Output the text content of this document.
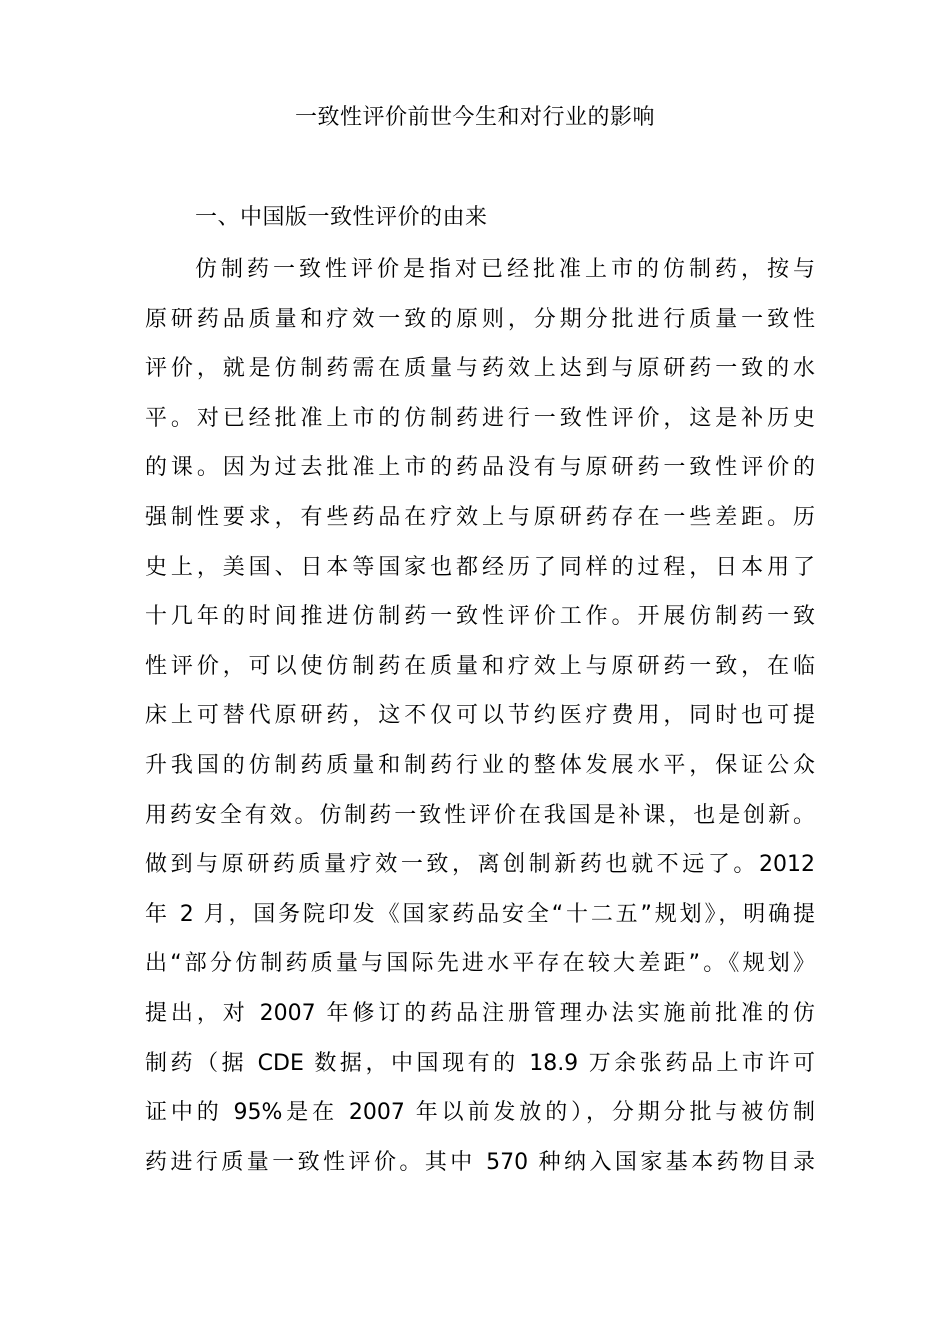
一致性评价前世今生和对行业的影响
一、中国版一致性评价的由来
仿制药一致性评价是指对已经批准上市的仿制药，按与
原研药品质量和疗效一致的原则，分期分批进行质量一致性
评价，就是仿制药需在质量与药效上达到与原研药一致的水
平。对已经批准上市的仿制药进行一致性评价，这是补历史
的课。因为过去批准上市的药品没有与原研药一致性评价的
强制性要求，有些药品在疗效上与原研药存在一些差距。历
史上，美国、日本等国家也都经历了同样的过程，日本用了
十几年的时间推进仿制药一致性评价工作。开展仿制药一致
性评价，可以使仿制药在质量和疗效上与原研药一致，在临
床上可替代原研药，这不仅可以节约医疗费用，同时也可提
升我国的仿制药质量和制药行业的整体发展水平，保证公众
用药安全有效。仿制药一致性评价在我国是补课，也是创新。
做到与原研药质量疗效一致，离创制新药也就不远了。2012
年 2 月，国务院印发《国家药品安全“十二五”规划》，明确提
出“部分仿制药质量与国际先进水平存在较大差距”。《规划》
提出，对 2007 年修订的药品注册管理办法实施前批准的仿
制药（据 CDE 数据，中国现有的 18.9 万余张药品上市许可
证中的 95%是在 2007 年以前发放的），分期分批与被仿制
药进行质量一致性评价。其中 570 种纳入国家基本药物目录
